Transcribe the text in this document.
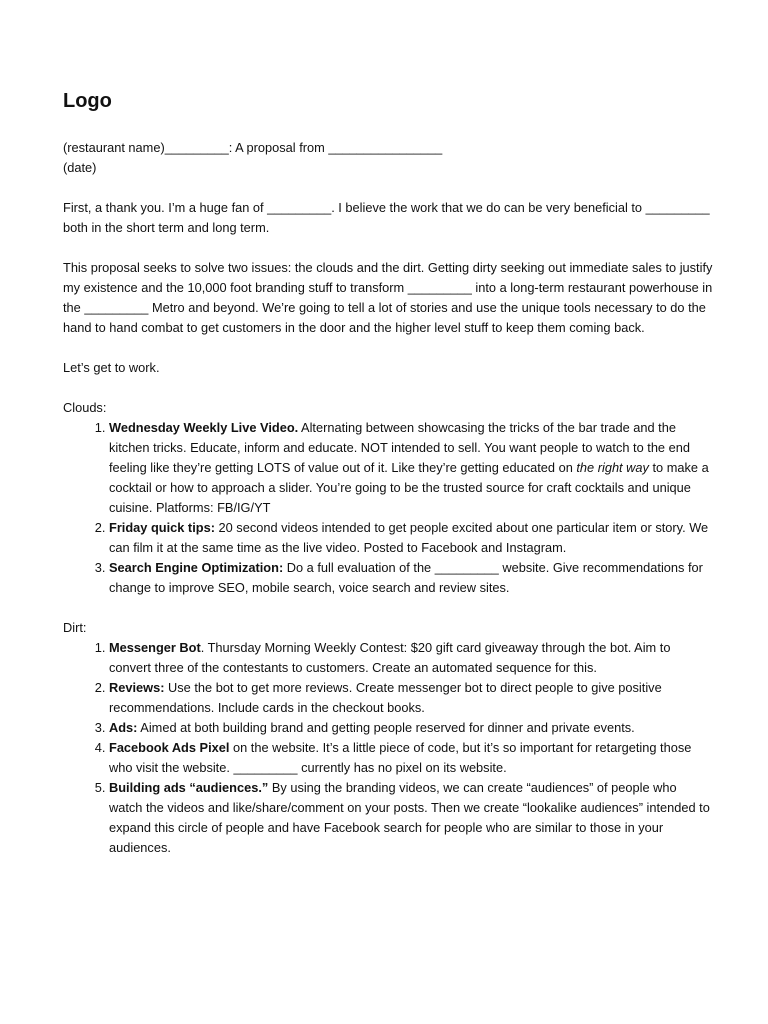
Logo

(restaurant name)_________: A proposal from ________________

(date)

First, a thank you. I’m a huge fan of _________. I believe the work that we do can be very beneficial to _________ both in the short term and long term.

This proposal seeks to solve two issues: the clouds and the dirt. Getting dirty seeking out immediate sales to justify my existence and the 10,000 foot branding stuff to transform _________ into a long-term restaurant powerhouse in the _________ Metro and beyond. We’re going to tell a lot of stories and use the unique tools necessary to do the hand to hand combat to get customers in the door and the higher level stuff to keep them coming back.

Let’s get to work.

Clouds:

1. Wednesday Weekly Live Video. Alternating between showcasing the tricks of the bar trade and the kitchen tricks. Educate, inform and educate. NOT intended to sell. You want people to watch to the end feeling like they’re getting LOTS of value out of it. Like they’re getting educated on the right way to make a cocktail or how to approach a slider. You’re going to be the trusted source for craft cocktails and unique cuisine. Platforms: FB/IG/YT
2. Friday quick tips: 20 second videos intended to get people excited about one particular item or story. We can film it at the same time as the live video. Posted to Facebook and Instagram.
3. Search Engine Optimization: Do a full evaluation of the _________ website. Give recommendations for change to improve SEO, mobile search, voice search and review sites.

Dirt:

1. Messenger Bot. Thursday Morning Weekly Contest: $20 gift card giveaway through the bot. Aim to convert three of the contestants to customers. Create an automated sequence for this.
2. Reviews: Use the bot to get more reviews. Create messenger bot to direct people to give positive recommendations. Include cards in the checkout books.
3. Ads: Aimed at both building brand and getting people reserved for dinner and private events.
4. Facebook Ads Pixel on the website. It’s a little piece of code, but it’s so important for retargeting those who visit the website. _________ currently has no pixel on its website.
5. Building ads “audiences.” By using the branding videos, we can create “audiences” of people who watch the videos and like/share/comment on your posts. Then we create “lookalike audiences” intended to expand this circle of people and have Facebook search for people who are similar to those in your audiences.
